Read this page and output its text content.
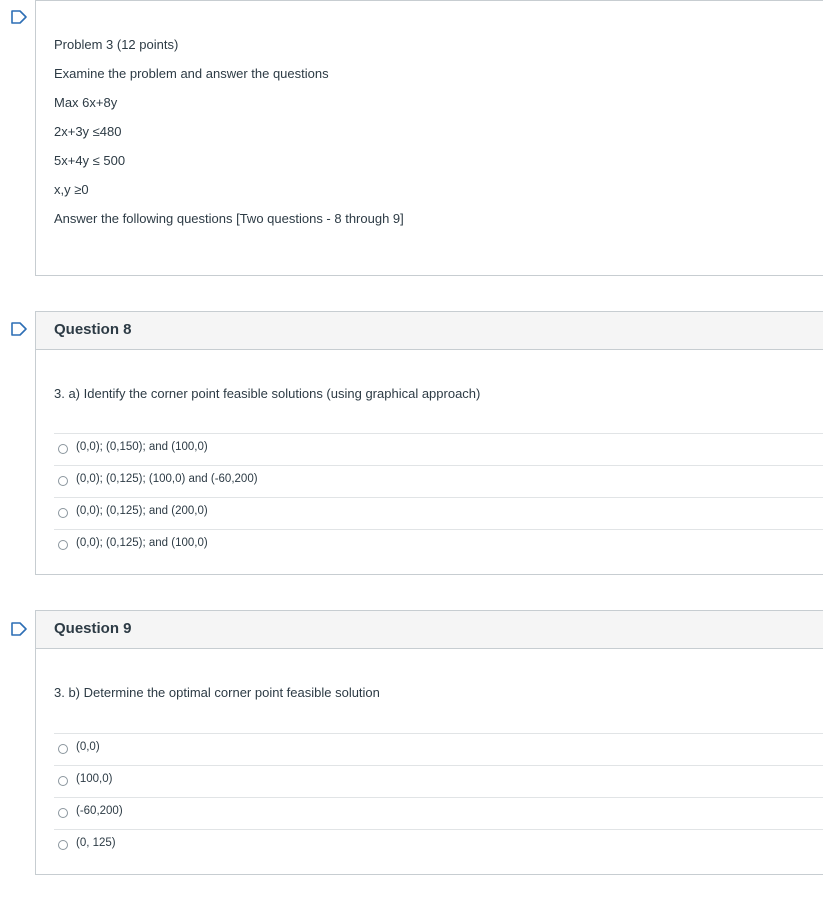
Problem 3 (12 points)
Examine the problem and answer the questions
Max 6x+8y
2x+3y ≤480
5x+4y ≤ 500
x,y ≥0
Answer the following questions [Two questions - 8 through 9]
Question 8
3. a) Identify the corner point feasible solutions (using graphical approach)
(0,0); (0,150); and (100,0)
(0,0); (0,125); (100,0) and (-60,200)
(0,0); (0,125); and (200,0)
(0,0); (0,125); and (100,0)
Question 9
3. b) Determine the optimal corner point feasible solution
(0,0)
(100,0)
(-60,200)
(0, 125)
